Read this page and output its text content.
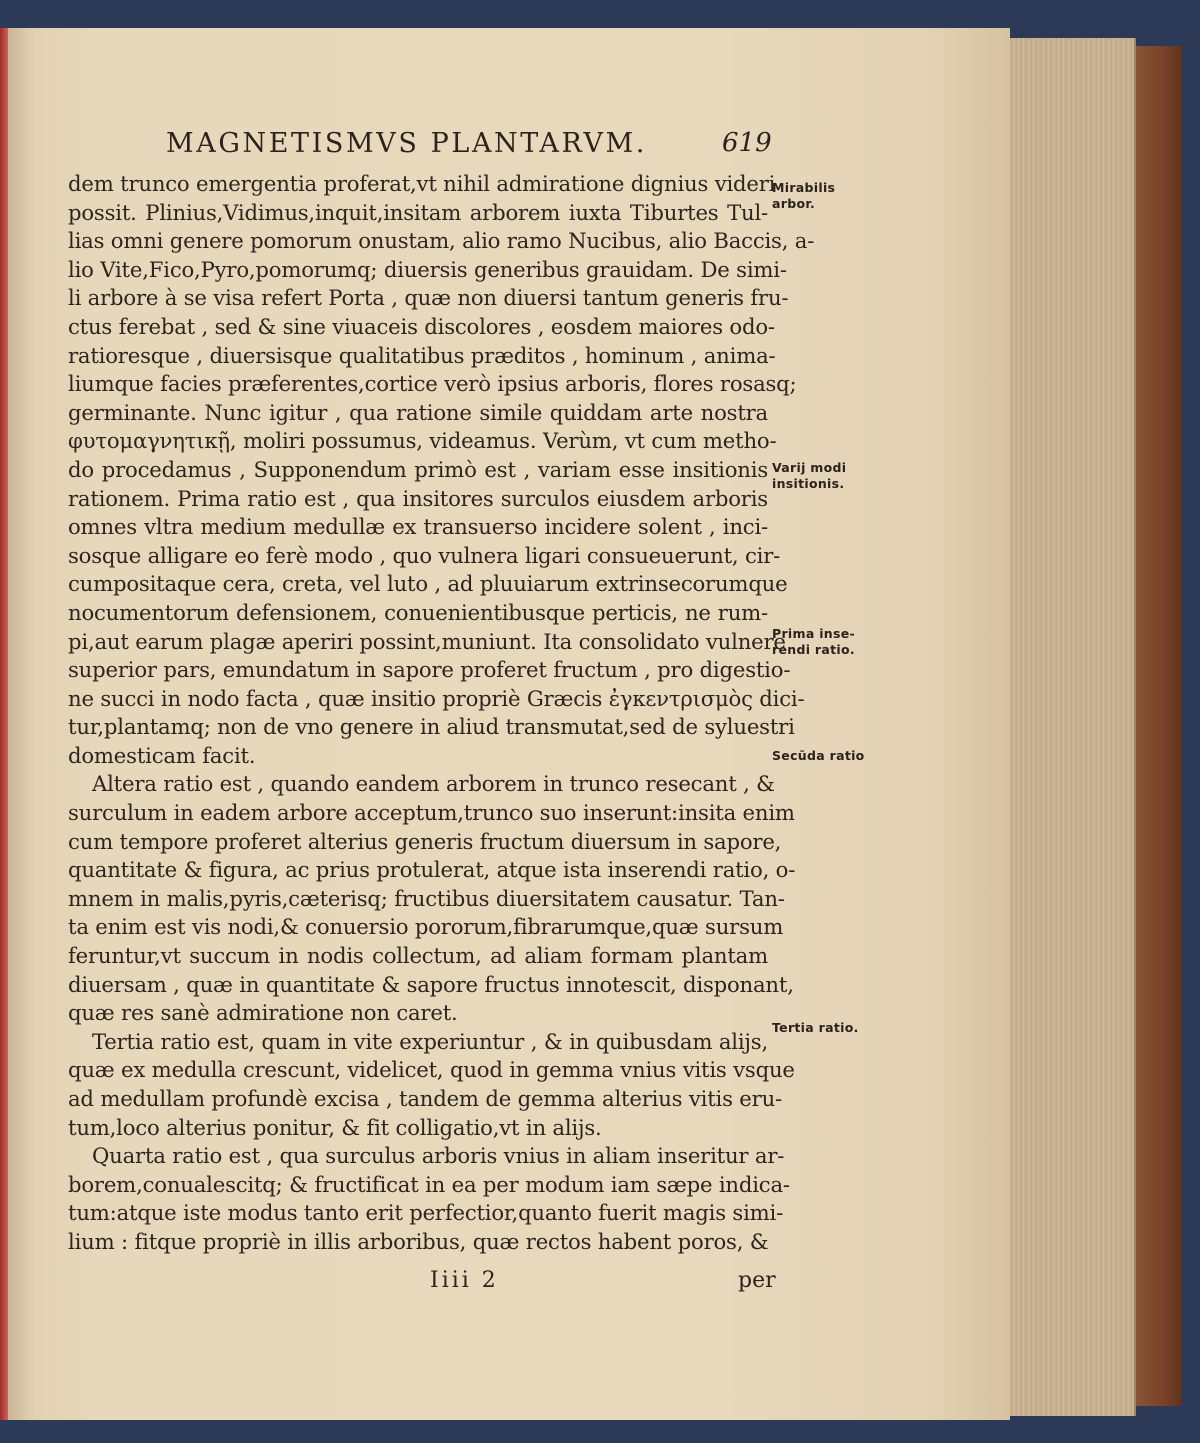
MAGNETISMVS PLANTARVM.	619
dem trunco emergentia proferat,vt nihil admiratione dignius videri
possit. Plinius,Vidimus,inquit,insitam arborem iuxta Tiburtes Tul-
lias omni genere pomorum onustam, alio ramo Nucibus, alio Baccis, a-
lio Vite,Fico,Pyro,pomorumq; diuersis generibus grauidam. De simi-
li arbore à se visa refert Porta , quæ non diuersi tantum generis fru-
ctus ferebat , sed & sine viuaceis discolores , eosdem maiores odo-
ratioresque , diuersisque qualitatibus præditos , hominum , anima-
liumque facies præferentes,cortice verò ipsius arboris, flores rosasq;
germinante. Nunc igitur , qua ratione simile quiddam arte nostra
φυτομαγνητικῇ, moliri possumus, videamus. Verùm, vt cum metho-
do procedamus , Supponendum primò est , variam esse insitionis
rationem. Prima ratio est , qua insitores surculos eiusdem arboris
omnes vltra medium medullæ ex transuerso incidere solent , inci-
sosque alligare eo ferè modo , quo vulnera ligari consueuerunt, cir-
cumpositaque cera, creta, vel luto , ad pluuiarum extrinsecorumque
nocumentorum defensionem, conuenientibusque perticis, ne rum-
pi,aut earum plagæ aperiri possint,muniunt. Ita consolidato vulnere
superior pars, emundatum in sapore proferet fructum , pro digestio-
ne succi in nodo facta , quæ insitio propriè Græcis ἐγκεντρισμὸς dici-
tur,plantamq; non de vno genere in aliud transmutat,sed de syluestri
domesticam facit.
Altera ratio est , quando eandem arborem in trunco resecant , &
surculum in eadem arbore acceptum,trunco suo inserunt:insita enim
cum tempore proferet alterius generis fructum diuersum in sapore,
quantitate & figura, ac prius protulerat, atque ista inserendi ratio, o-
mnem in malis,pyris,cæterisq; fructibus diuersitatem causatur. Tan-
ta enim est vis nodi,& conuersio pororum,fibrarumque,quæ sursum
feruntur,vt succum in nodis collectum, ad aliam formam plantam
diuersam , quæ in quantitate & sapore fructus innotescit, disponant,
quæ res sanè admiratione non caret.
Tertia ratio est, quam in vite experiuntur , & in quibusdam alijs,
quæ ex medulla crescunt, videlicet, quod in gemma vnius vitis vsque
ad medullam profundè excisa , tandem de gemma alterius vitis eru-
tum,loco alterius ponitur, & fit colligatio,vt in alijs.
Quarta ratio est , qua surculus arboris vnius in aliam inseritur ar-
borem,conualescitq; & fructificat in ea per modum iam sæpe indica-
tum:atque iste modus tanto erit perfectior,quanto fuerit magis simi-
lium : fitque propriè in illis arboribus, quæ rectos habent poros, &
Mirabilis
arbor.
Varij modi
insitionis.
Prima inse-
rendi ratio.
Secūda ratio
Tertia ratio.
Iiii 2	per
